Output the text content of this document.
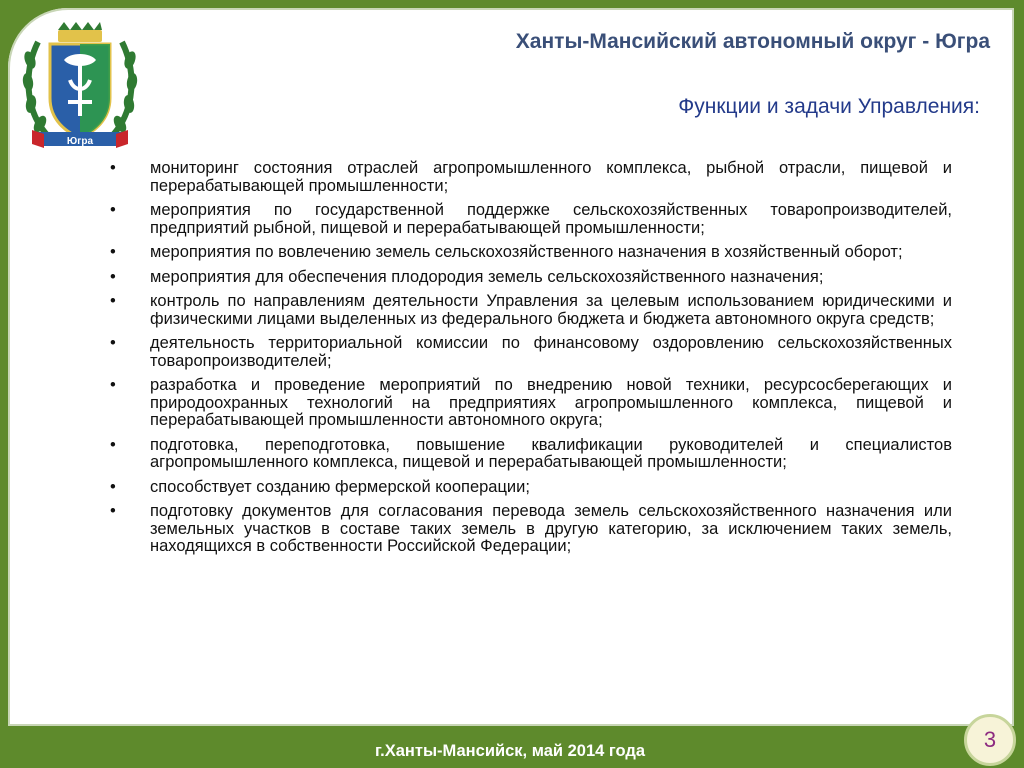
Югра
Ханты-Мансийский автономный округ - Югра
Функции и задачи Управления:
• мониторинг состояния отраслей агропромышленного комплекса, рыбной отрасли, пищевой и перерабатывающей промышленности;
• мероприятия по государственной поддержке сельскохозяйственных товаропроизводителей, предприятий рыбной, пищевой и перерабатывающей промышленности;
• мероприятия по вовлечению земель сельскохозяйственного назначения в хозяйственный оборот;
• мероприятия для обеспечения плодородия земель сельскохозяйственного назначения;
• контроль по направлениям деятельности Управления за целевым использованием юридическими и физическими лицами выделенных из федерального бюджета и бюджета автономного округа средств;
• деятельность территориальной комиссии по финансовому оздоровлению сельскохозяйственных товаропроизводителей;
• разработка и проведение мероприятий по внедрению новой техники, ресурсосберегающих и природоохранных технологий на предприятиях агропромышленного комплекса, пищевой и перерабатывающей промышленности автономного округа;
• подготовка, переподготовка, повышение квалификации руководителей и специалистов агропромышленного комплекса, пищевой и перерабатывающей промышленности;
• способствует созданию фермерской кооперации;
• подготовку документов для согласования перевода земель сельскохозяйственного назначения или земельных участков в составе таких земель в другую категорию, за исключением таких земель, находящихся в собственности Российской Федерации;
г.Ханты-Мансийск, май 2014 года	3
